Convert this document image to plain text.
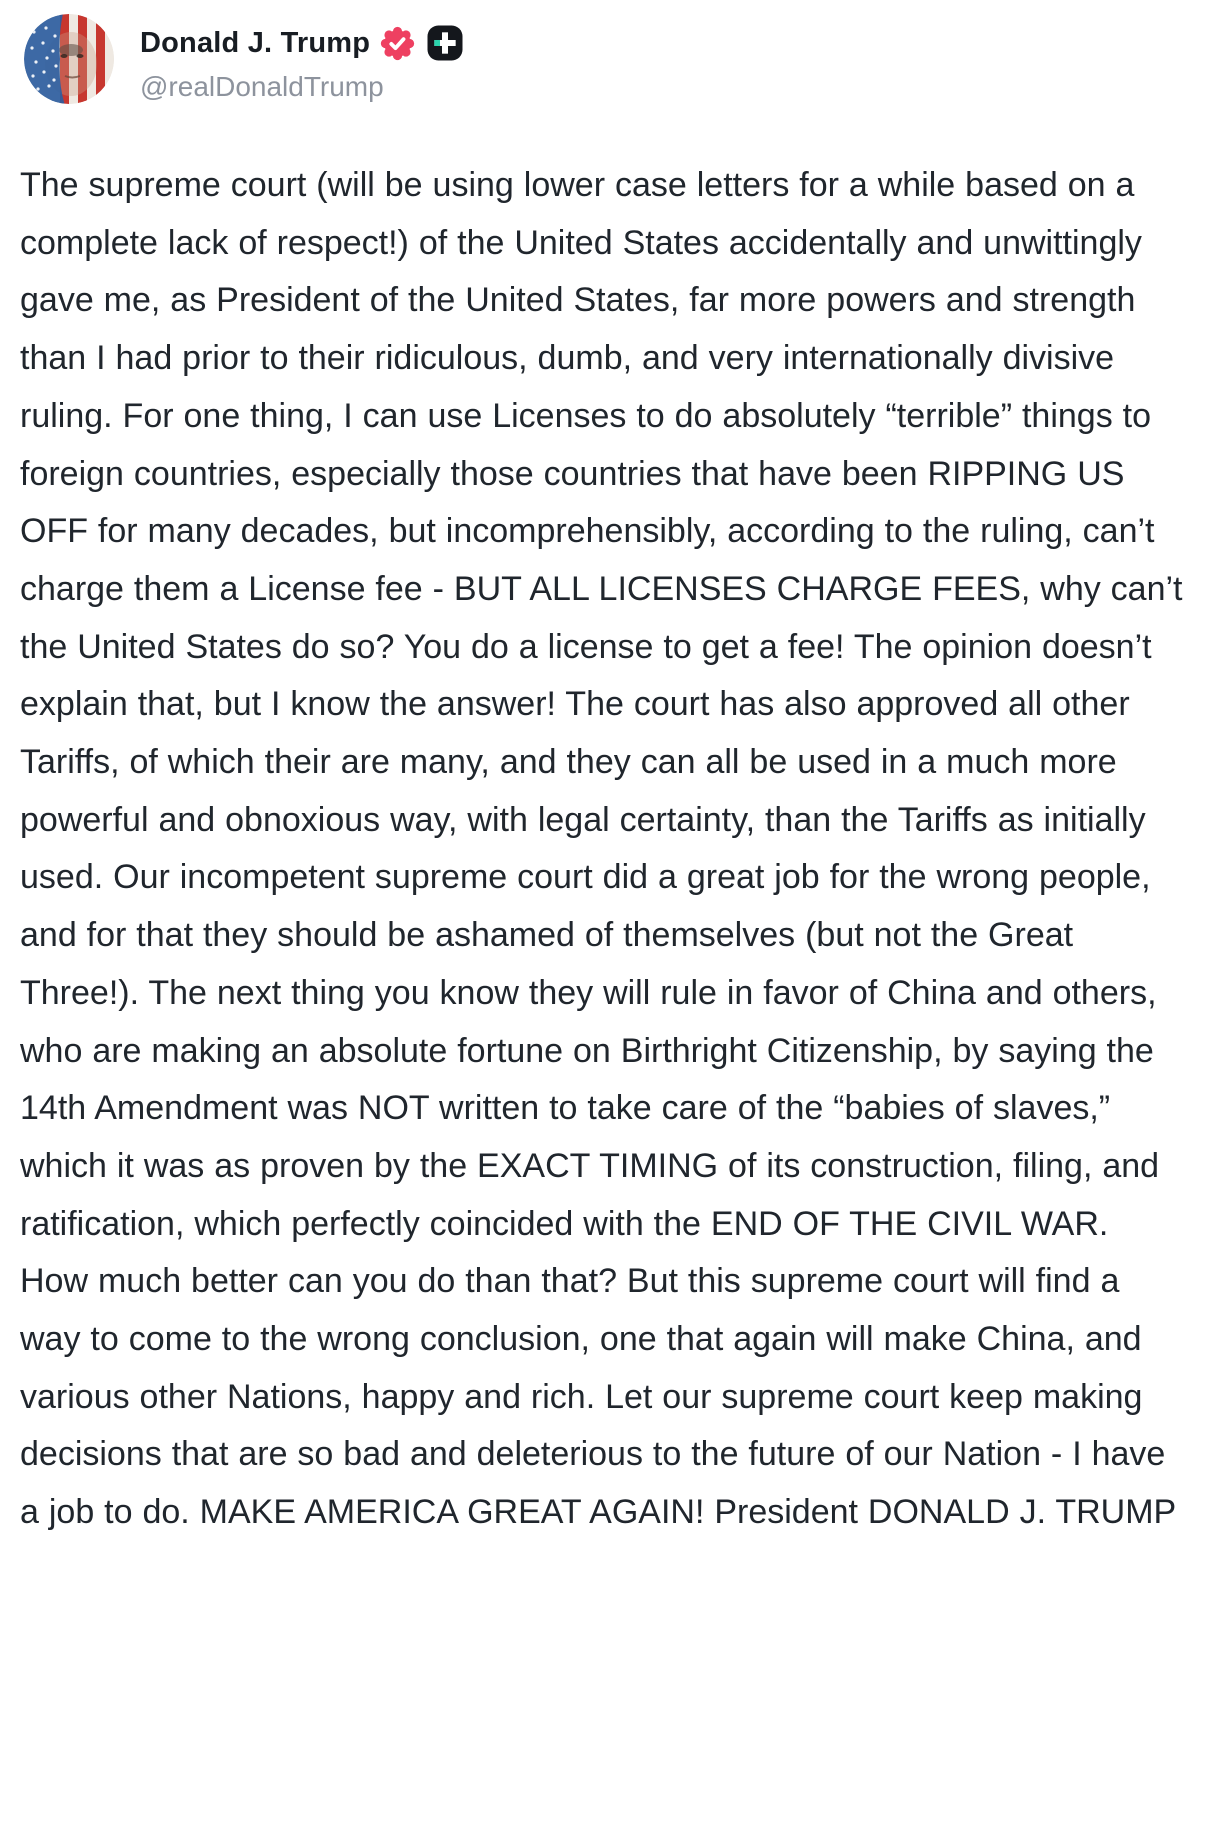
Donald J. Trump
@realDonaldTrump
The supreme court (will be using lower case letters for a while based on a complete lack of respect!) of the United States accidentally and unwittingly gave me, as President of the United States, far more powers and strength than I had prior to their ridiculous, dumb, and very internationally divisive ruling. For one thing, I can use Licenses to do absolutely “terrible” things to foreign countries, especially those countries that have been RIPPING US OFF for many decades, but incomprehensibly, according to the ruling, can’t charge them a License fee - BUT ALL LICENSES CHARGE FEES, why can’t the United States do so? You do a license to get a fee! The opinion doesn’t explain that, but I know the answer! The court has also approved all other Tariffs, of which their are many, and they can all be used in a much more powerful and obnoxious way, with legal certainty, than the Tariffs as initially used. Our incompetent supreme court did a great job for the wrong people, and for that they should be ashamed of themselves (but not the Great Three!). The next thing you know they will rule in favor of China and others, who are making an absolute fortune on Birthright Citizenship, by saying the 14th Amendment was NOT written to take care of the “babies of slaves,” which it was as proven by the EXACT TIMING of its construction, filing, and ratification, which perfectly coincided with the END OF THE CIVIL WAR. How much better can you do than that? But this supreme court will find a way to come to the wrong conclusion, one that again will make China, and various other Nations, happy and rich. Let our supreme court keep making decisions that are so bad and deleterious to the future of our Nation - I have a job to do. MAKE AMERICA GREAT AGAIN! President DONALD J. TRUMP
